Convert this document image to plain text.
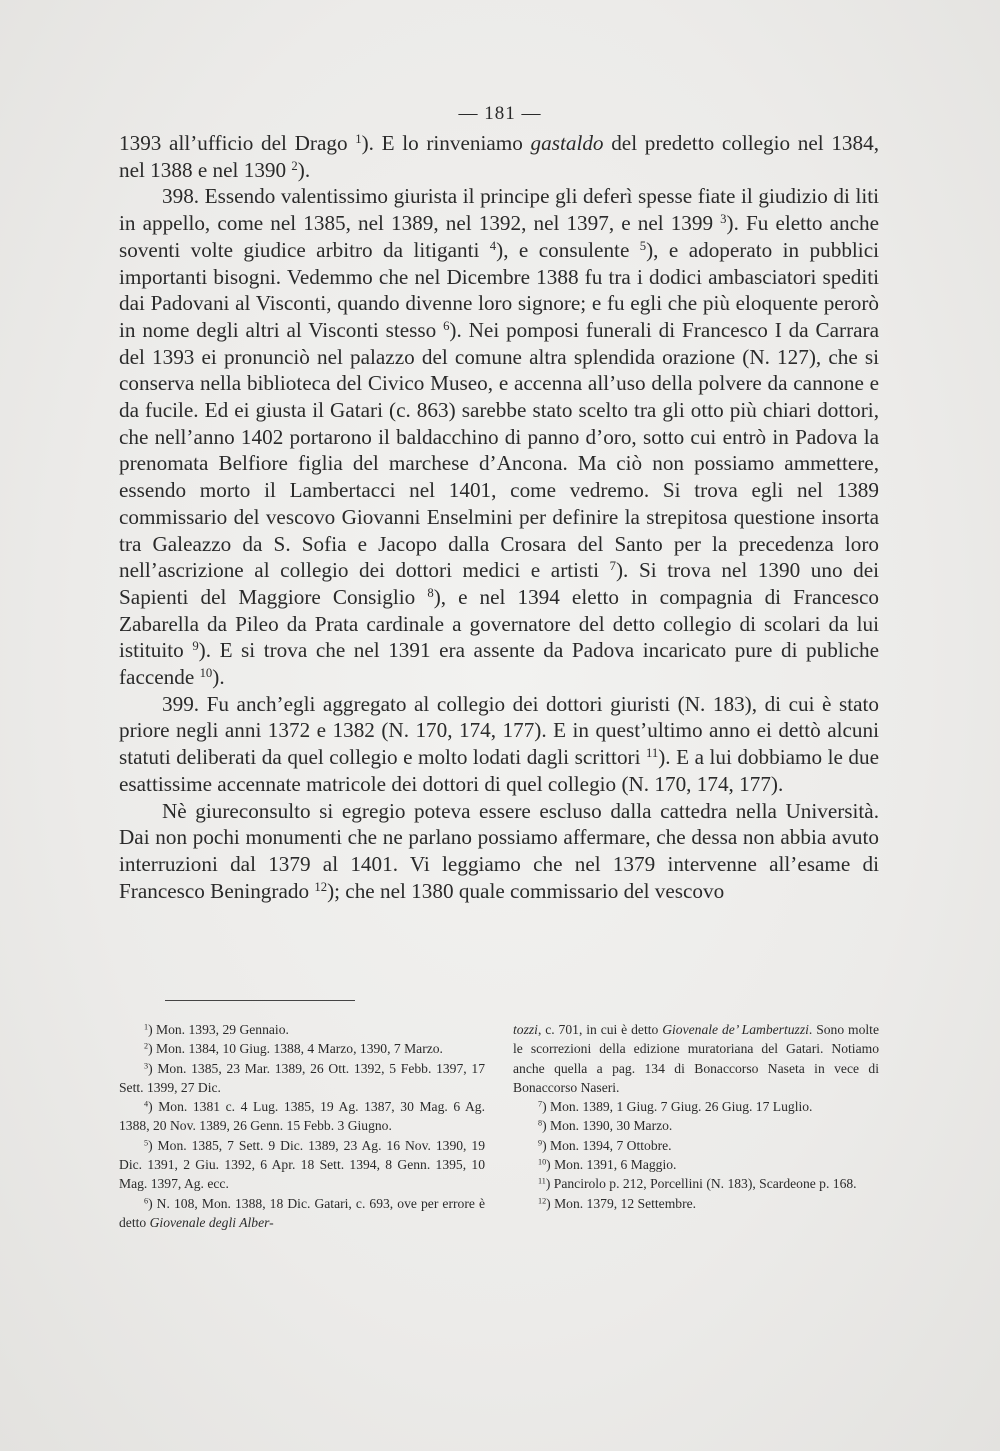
— 181 —

1393 all’ufficio del Drago $^1$). E lo rinveniamo gastaldo del predetto collegio nel 1384, nel 1388 e nel 1390 $^2$).

398. Essendo valentissimo giurista il principe gli deferì spesse fiate il giudizio di liti in appello, come nel 1385, nel 1389, nel 1392, nel 1397, e nel 1399 $^3$). Fu eletto anche soventi volte giudice arbitro da litiganti $^4$), e consulente $^5$), e adoperato in pubblici importanti bisogni. Vedemmo che nel Dicembre 1388 fu tra i dodici ambasciatori spediti dai Padovani al Visconti, quando divenne loro signore; e fu egli che più eloquente perorò in nome degli altri al Visconti stesso $^6$). Nei pomposi funerali di Francesco I da Carrara del 1393 ei pronunciò nel palazzo del comune altra splendida orazione (N. 127), che si conserva nella biblioteca del Civico Museo, e accenna all’uso della polvere da cannone e da fucile. Ed ei giusta il Gatari (c. 863) sarebbe stato scelto tra gli otto più chiari dottori, che nell’anno 1402 portarono il baldacchino di panno d’oro, sotto cui entrò in Padova la prenomata Belfiore figlia del marchese d’Ancona. Ma ciò non possiamo ammettere, essendo morto il Lambertacci nel 1401, come vedremo. Si trova egli nel 1389 commissario del vescovo Giovanni Enselmini per definire la strepitosa questione insorta tra Galeazzo da S. Sofia e Jacopo dalla Crosara del Santo per la precedenza loro nell’ascrizione al collegio dei dottori medici e artisti $^7$). Si trova nel 1390 uno dei Sapienti del Maggiore Consiglio $^8$), e nel 1394 eletto in compagnia di Francesco Zabarella da Pileo da Prata cardinale a governatore del detto collegio di scolari da lui istituito $^9$). E si trova che nel 1391 era assente da Padova incaricato pure di publiche faccende $^{10}$).

399. Fu anch’egli aggregato al collegio dei dottori giuristi (N. 183), di cui è stato priore negli anni 1372 e 1382 (N. 170, 174, 177). E in quest’ultimo anno ei dettò alcuni statuti deliberati da quel collegio e molto lodati dagli scrittori $^{11}$). E a lui dobbiamo le due esattissime accennate matricole dei dottori di quel collegio (N. 170, 174, 177).

Nè giureconsulto si egregio poteva essere escluso dalla cattedra nella Università. Dai non pochi monumenti che ne parlano possiamo affermare, che dessa non abbia avuto interruzioni dal 1379 al 1401. Vi leggiamo che nel 1379 intervenne all’esame di Francesco Beningrado $^{12}$); che nel 1380 quale commissario del vescovo

$^1$) Mon. 1393, 29 Gennaio.

$^2$) Mon. 1384, 10 Giug. 1388, 4 Marzo, 1390, 7 Marzo.

$^3$) Mon. 1385, 23 Mar. 1389, 26 Ott. 1392, 5 Febb. 1397, 17 Sett. 1399, 27 Dic.

$^4$) Mon. 1381 c. 4 Lug. 1385, 19 Ag. 1387, 30 Mag. 6 Ag. 1388, 20 Nov. 1389, 26 Genn. 15 Febb. 3 Giugno.

$^5$) Mon. 1385, 7 Sett. 9 Dic. 1389, 23 Ag. 16 Nov. 1390, 19 Dic. 1391, 2 Giu. 1392, 6 Apr. 18 Sett. 1394, 8 Genn. 1395, 10 Mag. 1397, Ag. ecc.

$^6$) N. 108, Mon. 1388, 18 Dic. Gatari, c. 693, ove per errore è detto Giovenale degli Alber-

tozzi, c. 701, in cui è detto Giovenale de’ Lambertuzzi. Sono molte le scorrezioni della edizione muratoriana del Gatari. Notiamo anche quella a pag. 134 di Bonaccorso Naseta in vece di Bonaccorso Naseri.

$^7$) Mon. 1389, 1 Giug. 7 Giug. 26 Giug. 17 Luglio.

$^8$) Mon. 1390, 30 Marzo.

$^9$) Mon. 1394, 7 Ottobre.

$^{10}$) Mon. 1391, 6 Maggio.

$^{11}$) Pancirolo p. 212, Porcellini (N. 183), Scardeone p. 168.

$^{12}$) Mon. 1379, 12 Settembre.
